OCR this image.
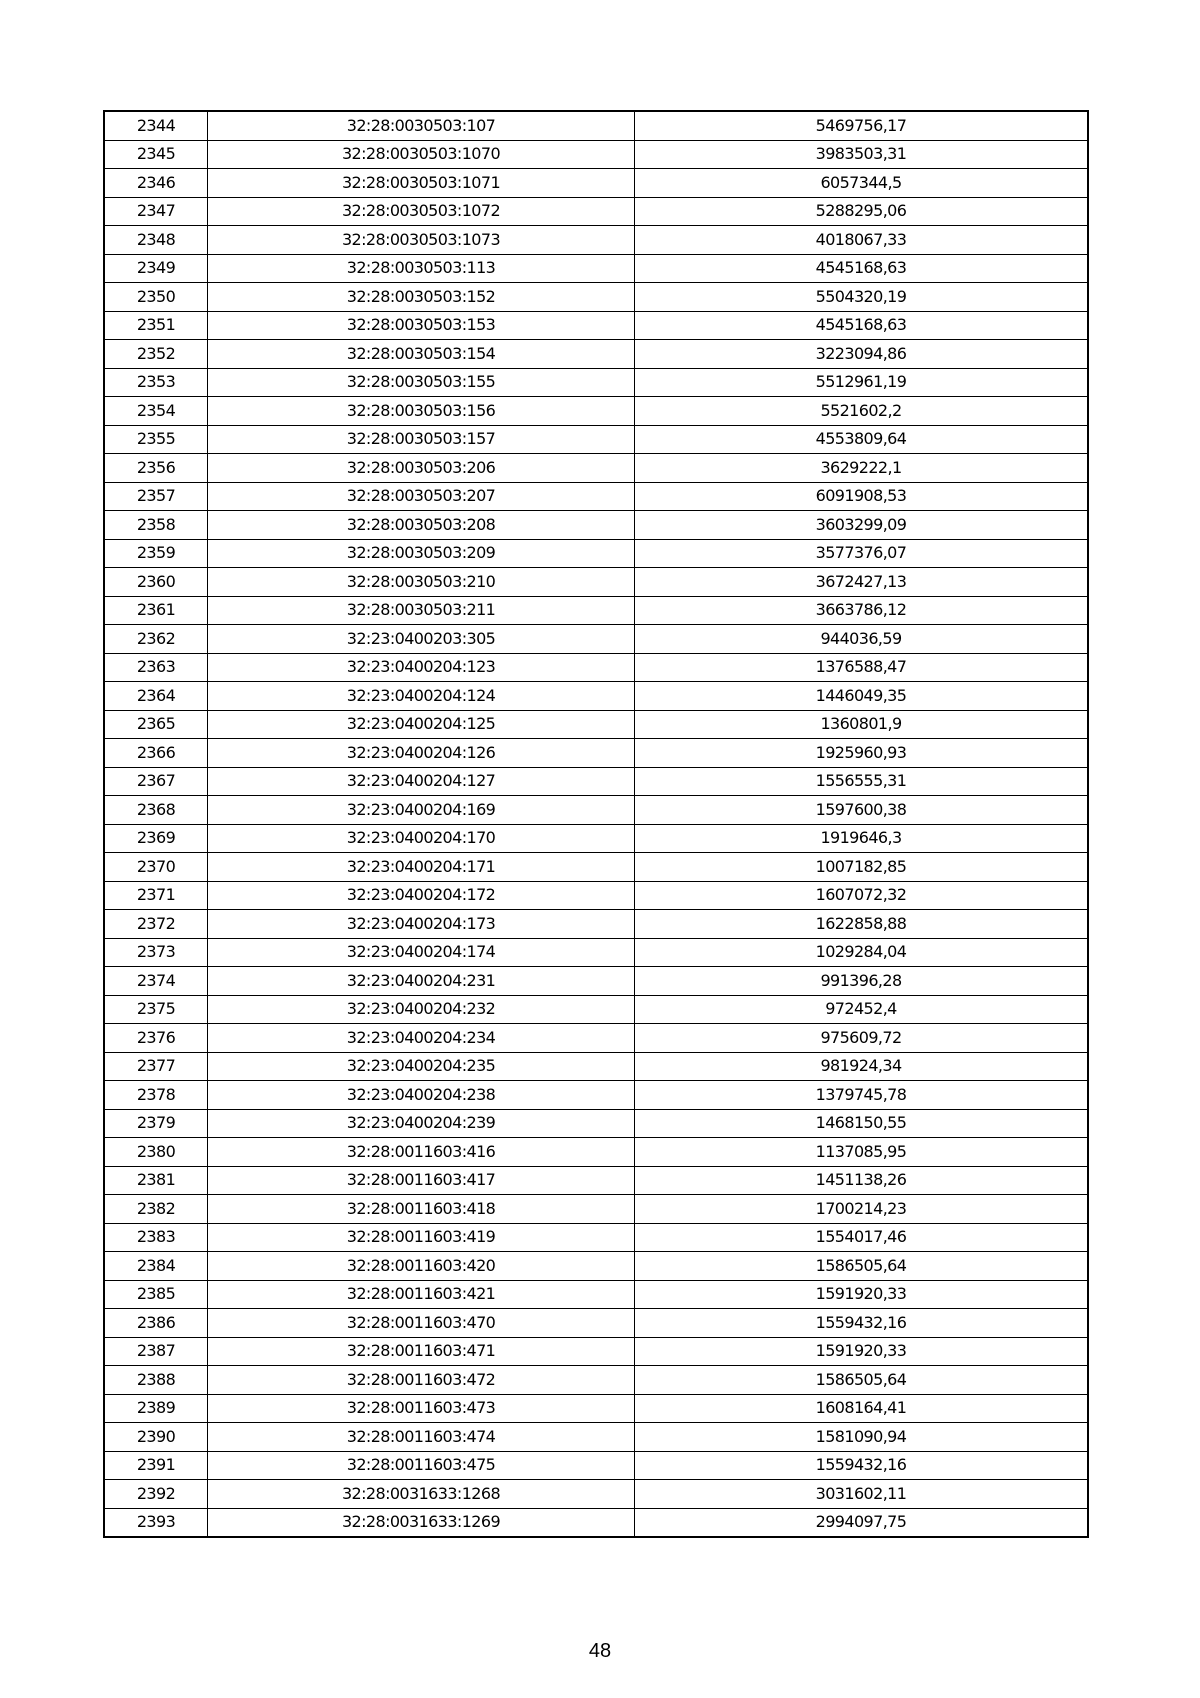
2344	32:28:0030503:107	5469756,17
2345	32:28:0030503:1070	3983503,31
2346	32:28:0030503:1071	6057344,5
2347	32:28:0030503:1072	5288295,06
2348	32:28:0030503:1073	4018067,33
2349	32:28:0030503:113	4545168,63
2350	32:28:0030503:152	5504320,19
2351	32:28:0030503:153	4545168,63
2352	32:28:0030503:154	3223094,86
2353	32:28:0030503:155	5512961,19
2354	32:28:0030503:156	5521602,2
2355	32:28:0030503:157	4553809,64
2356	32:28:0030503:206	3629222,1
2357	32:28:0030503:207	6091908,53
2358	32:28:0030503:208	3603299,09
2359	32:28:0030503:209	3577376,07
2360	32:28:0030503:210	3672427,13
2361	32:28:0030503:211	3663786,12
2362	32:23:0400203:305	944036,59
2363	32:23:0400204:123	1376588,47
2364	32:23:0400204:124	1446049,35
2365	32:23:0400204:125	1360801,9
2366	32:23:0400204:126	1925960,93
2367	32:23:0400204:127	1556555,31
2368	32:23:0400204:169	1597600,38
2369	32:23:0400204:170	1919646,3
2370	32:23:0400204:171	1007182,85
2371	32:23:0400204:172	1607072,32
2372	32:23:0400204:173	1622858,88
2373	32:23:0400204:174	1029284,04
2374	32:23:0400204:231	991396,28
2375	32:23:0400204:232	972452,4
2376	32:23:0400204:234	975609,72
2377	32:23:0400204:235	981924,34
2378	32:23:0400204:238	1379745,78
2379	32:23:0400204:239	1468150,55
2380	32:28:0011603:416	1137085,95
2381	32:28:0011603:417	1451138,26
2382	32:28:0011603:418	1700214,23
2383	32:28:0011603:419	1554017,46
2384	32:28:0011603:420	1586505,64
2385	32:28:0011603:421	1591920,33
2386	32:28:0011603:470	1559432,16
2387	32:28:0011603:471	1591920,33
2388	32:28:0011603:472	1586505,64
2389	32:28:0011603:473	1608164,41
2390	32:28:0011603:474	1581090,94
2391	32:28:0011603:475	1559432,16
2392	32:28:0031633:1268	3031602,11
2393	32:28:0031633:1269	2994097,75
48
